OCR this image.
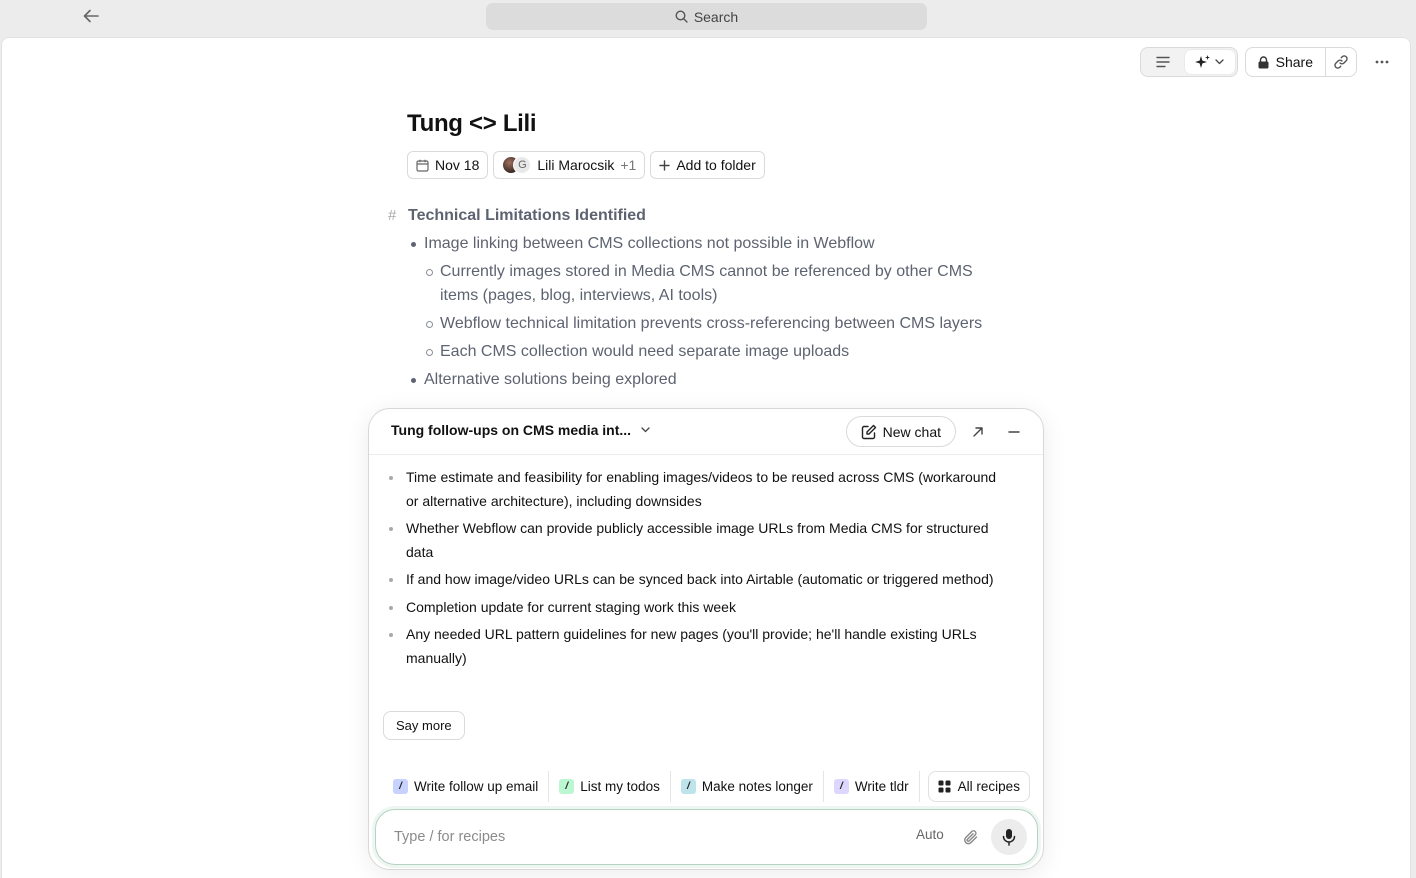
Search
Share
Tung <> Lili
Nov 18	G Lili Marocsik +1	Add to folder
# Technical Limitations Identified
Image linking between CMS collections not possible in Webflow
Currently images stored in Media CMS cannot be referenced by other CMS items (pages, blog, interviews, AI tools)
Webflow technical limitation prevents cross-referencing between CMS layers
Each CMS collection would need separate image uploads
Alternative solutions being explored
Tung follow-ups on CMS media int...	New chat
Time estimate and feasibility for enabling images/videos to be reused across CMS (workaround or alternative architecture), including downsides
Whether Webflow can provide publicly accessible image URLs from Media CMS for structured data
If and how image/video URLs can be synced back into Airtable (automatic or triggered method)
Completion update for current staging work this week
Any needed URL pattern guidelines for new pages (you'll provide; he'll handle existing URLs manually)
Say more
/ Write follow up email	/ List my todos	/ Make notes longer	/ Write tldr	All recipes
Type / for recipes
Auto
